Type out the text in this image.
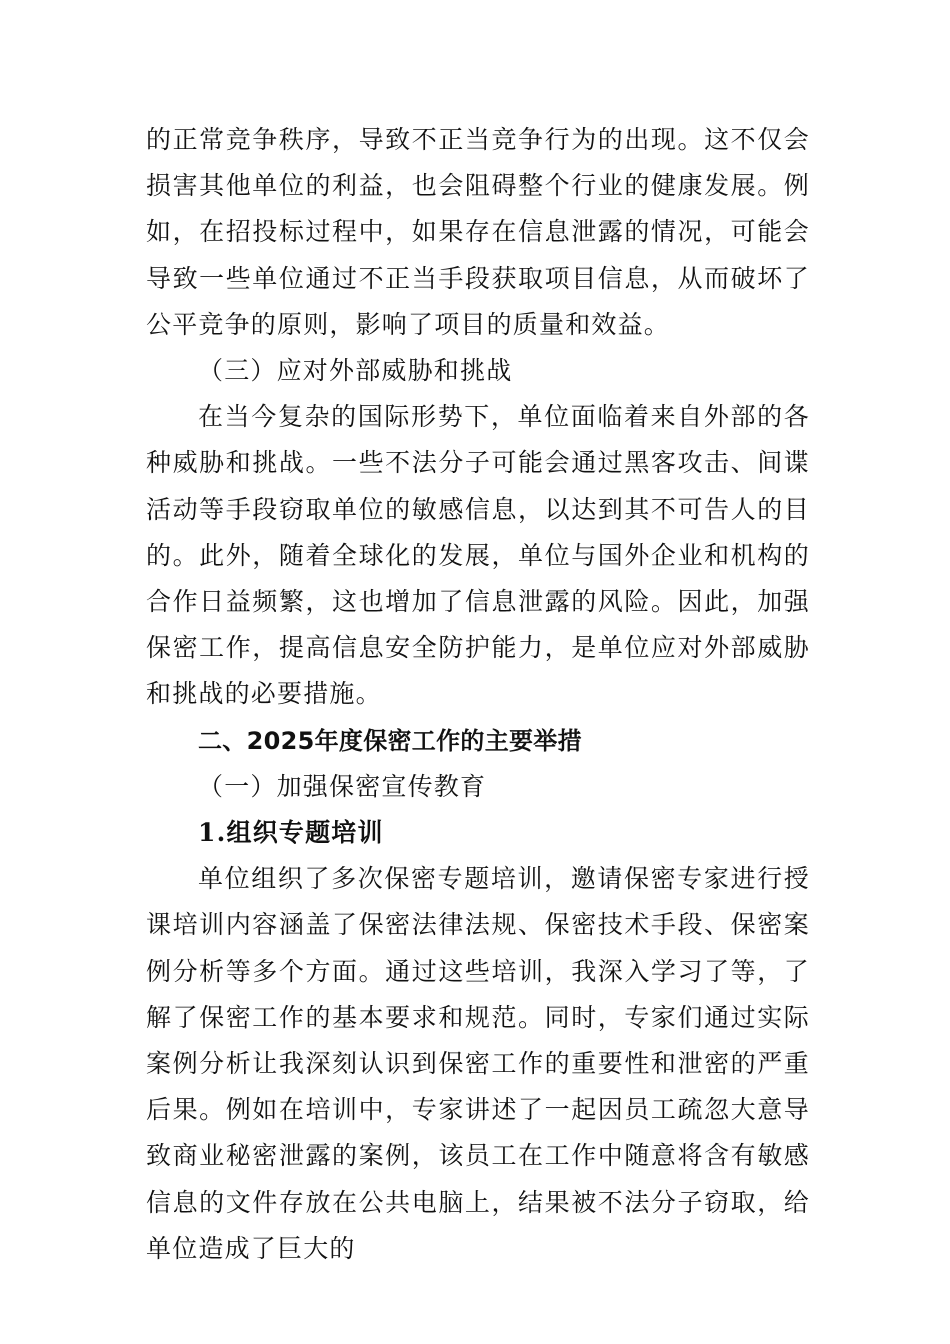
的正常竞争秩序，导致不正当竞争行为的出现。这不仅会损害其他单位的利益，也会阻碍整个行业的健康发展。例如，在招投标过程中，如果存在信息泄露的情况，可能会导致一些单位通过不正当手段获取项目信息，从而破坏了公平竞争的原则，影响了项目的质量和效益。

（三）应对外部威胁和挑战

在当今复杂的国际形势下，单位面临着来自外部的各种威胁和挑战。一些不法分子可能会通过黑客攻击、间谍活动等手段窃取单位的敏感信息，以达到其不可告人的目的。此外，随着全球化的发展，单位与国外企业和机构的合作日益频繁，这也增加了信息泄露的风险。因此，加强保密工作，提高信息安全防护能力，是单位应对外部威胁和挑战的必要措施。

二、2025年度保密工作的主要举措

（一）加强保密宣传教育

1.组织专题培训

单位组织了多次保密专题培训，邀请保密专家进行授课培训内容涵盖了保密法律法规、保密技术手段、保密案例分析等多个方面。通过这些培训，我深入学习了等，了解了保密工作的基本要求和规范。同时，专家们通过实际案例分析让我深刻认识到保密工作的重要性和泄密的严重后果。例如在培训中，专家讲述了一起因员工疏忽大意导致商业秘密泄露的案例，该员工在工作中随意将含有敏感信息的文件存放在公共电脑上，结果被不法分子窃取，给单位造成了巨大的
